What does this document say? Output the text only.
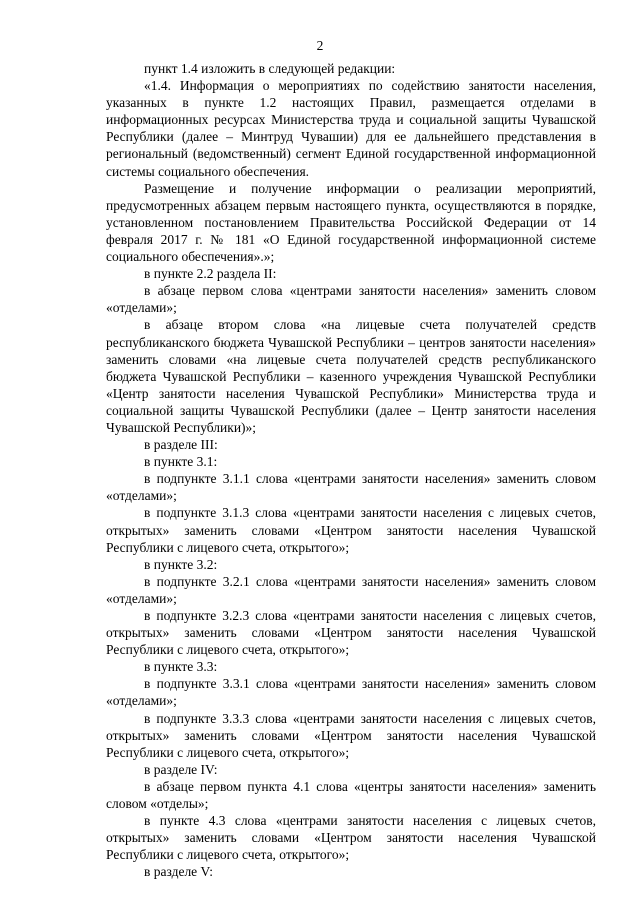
2

пункт 1.4 изложить в следующей редакции:

«1.4. Информация о мероприятиях по содействию занятости населения, указанных в пункте 1.2 настоящих Правил, размещается отделами в информационных ресурсах Министерства труда и социальной защиты Чувашской Республики (далее – Минтруд Чувашии) для ее дальнейшего представления в региональный (ведомственный) сегмент Единой государственной информационной системы социального обеспечения.

Размещение и получение информации о реализации мероприятий, предусмотренных абзацем первым настоящего пункта, осуществляются в порядке, установленном постановлением Правительства Российской Федерации от 14 февраля 2017 г. № 181 «О Единой государственной информационной системе социального обеспечения».»;

в пункте 2.2 раздела II:

в абзаце первом слова «центрами занятости населения» заменить словом «отделами»;

в абзаце втором слова «на лицевые счета получателей средств республиканского бюджета Чувашской Республики – центров занятости населения» заменить словами «на лицевые счета получателей средств республиканского бюджета Чувашской Республики – казенного учреждения Чувашской Республики «Центр занятости населения Чувашской Республики» Министерства труда и социальной защиты Чувашской Республики (далее – Центр занятости населения Чувашской Республики)»;

в разделе III:

в пункте 3.1:

в подпункте 3.1.1 слова «центрами занятости населения» заменить словом «отделами»;

в подпункте 3.1.3 слова «центрами занятости населения с лицевых счетов, открытых» заменить словами «Центром занятости населения Чувашской Республики с лицевого счета, открытого»;

в пункте 3.2:

в подпункте 3.2.1 слова «центрами занятости населения» заменить словом «отделами»;

в подпункте 3.2.3 слова «центрами занятости населения с лицевых счетов, открытых» заменить словами «Центром занятости населения Чувашской Республики с лицевого счета, открытого»;

в пункте 3.3:

в подпункте 3.3.1 слова «центрами занятости населения» заменить словом «отделами»;

в подпункте 3.3.3 слова «центрами занятости населения с лицевых счетов, открытых» заменить словами «Центром занятости населения Чувашской Республики с лицевого счета, открытого»;

в разделе IV:

в абзаце первом пункта 4.1 слова «центры занятости населения» заменить словом «отделы»;

в пункте 4.3 слова «центрами занятости населения с лицевых счетов, открытых» заменить словами «Центром занятости населения Чувашской Республики с лицевого счета, открытого»;

в разделе V:
